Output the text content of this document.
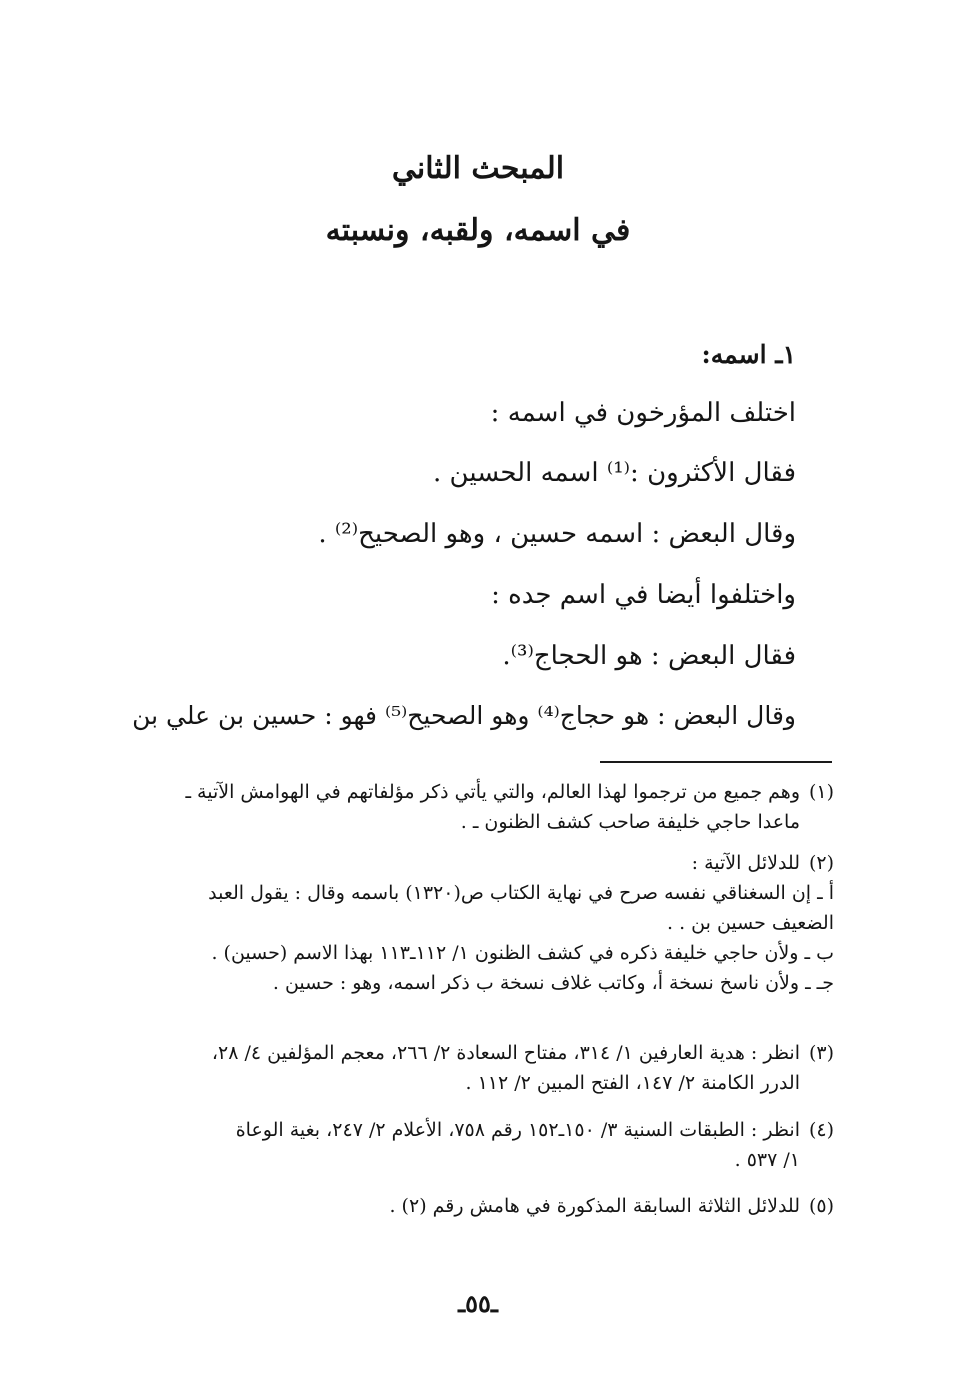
المبحث الثاني
في اسمه، ولقبه، ونسبته
١ـ اسمه:
اختلف المؤرخون في اسمه :
فقال الأكثرون :⁽¹⁾ اسمه الحسين .
وقال البعض : اسمه حسين ، وهو الصحيح⁽²⁾ .
واختلفوا أيضا في اسم جده :
فقال البعض : هو الحجاج⁽³⁾.
وقال البعض : هو حجاج⁽⁴⁾ وهو الصحيح⁽⁵⁾ فهو : حسين بن علي بن
(١)
وهم جميع من ترجموا لهذا العالم، والتي يأتي ذكر مؤلفاتهم في الهوامش الآتية ـ
ماعدا حاجي خليفة صاحب كشف الظنون ـ .
(٢)
للدلائل الآتية :
أ ـ إن السغناقي نفسه صرح في نهاية الكتاب ص(١٣٢٠) باسمه وقال : يقول العبد
الضعيف حسين بن . .
ب ـ ولأن حاجي خليفة ذكره في كشف الظنون ١/ ١١٢ـ١١٣ بهذا الاسم (حسين) .
جـ ـ ولأن ناسخ نسخة أ، وكاتب غلاف نسخة ب ذكر اسمه، وهو : حسين .
(٣)
انظر : هدية العارفين ١/ ٣١٤، مفتاح السعادة ٢/ ٢٦٦، معجم المؤلفين ٤/ ٢٨،
الدرر الكامنة ٢/ ١٤٧، الفتح المبين ٢/ ١١٢ .
(٤)
انظر : الطبقات السنية ٣/ ١٥٠ـ١٥٢ رقم ٧٥٨، الأعلام ٢/ ٢٤٧، بغية الوعاة
١/ ٥٣٧ .
(٥)
للدلائل الثلاثة السابقة المذكورة في هامش رقم (٢) .
ـ٥٥ـ
